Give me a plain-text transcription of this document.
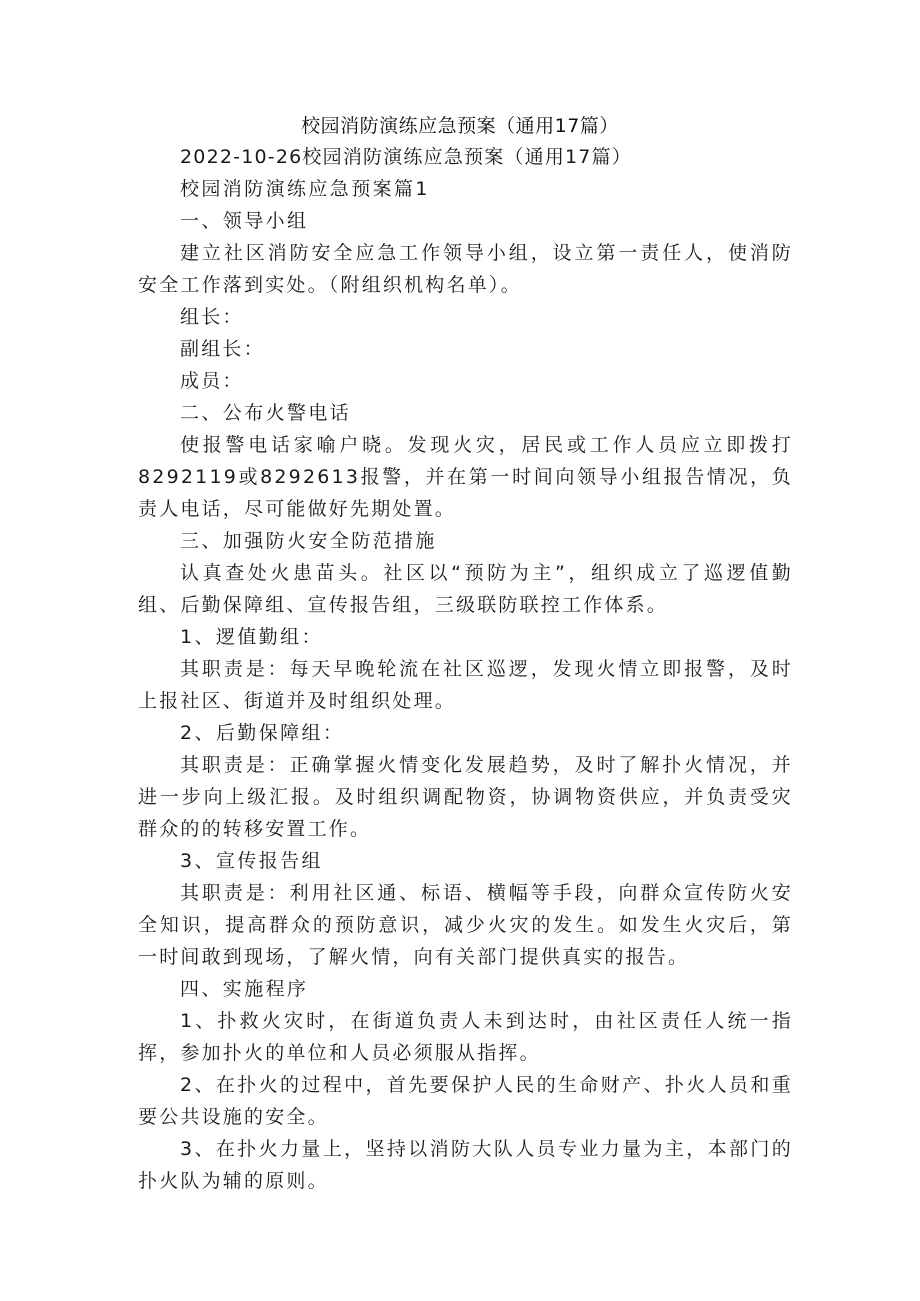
校园消防演练应急预案（通用17篇）

2022-10-26校园消防演练应急预案（通用17篇）

校园消防演练应急预案篇1

一、领导小组

建立社区消防安全应急工作领导小组，设立第一责任人，使消防安全工作落到实处。（附组织机构名单）。

组长：

副组长：

成员：

二、公布火警电话

使报警电话家喻户晓。发现火灾，居民或工作人员应立即拨打8292119或8292613报警，并在第一时间向领导小组报告情况，负责人电话，尽可能做好先期处置。

三、加强防火安全防范措施

认真查处火患苗头。社区以“预防为主”，组织成立了巡逻值勤组、后勤保障组、宣传报告组，三级联防联控工作体系。

1、逻值勤组：

其职责是：每天早晚轮流在社区巡逻，发现火情立即报警，及时上报社区、街道并及时组织处理。

2、后勤保障组：

其职责是：正确掌握火情变化发展趋势，及时了解扑火情况，并进一步向上级汇报。及时组织调配物资，协调物资供应，并负责受灾群众的的转移安置工作。

3、宣传报告组

其职责是：利用社区通、标语、横幅等手段，向群众宣传防火安全知识，提高群众的预防意识，减少火灾的发生。如发生火灾后，第一时间敢到现场，了解火情，向有关部门提供真实的报告。

四、实施程序

1、扑救火灾时，在街道负责人未到达时，由社区责任人统一指挥，参加扑火的单位和人员必须服从指挥。

2、在扑火的过程中，首先要保护人民的生命财产、扑火人员和重要公共设施的安全。

3、在扑火力量上，坚持以消防大队人员专业力量为主，本部门的扑火队为辅的原则。
